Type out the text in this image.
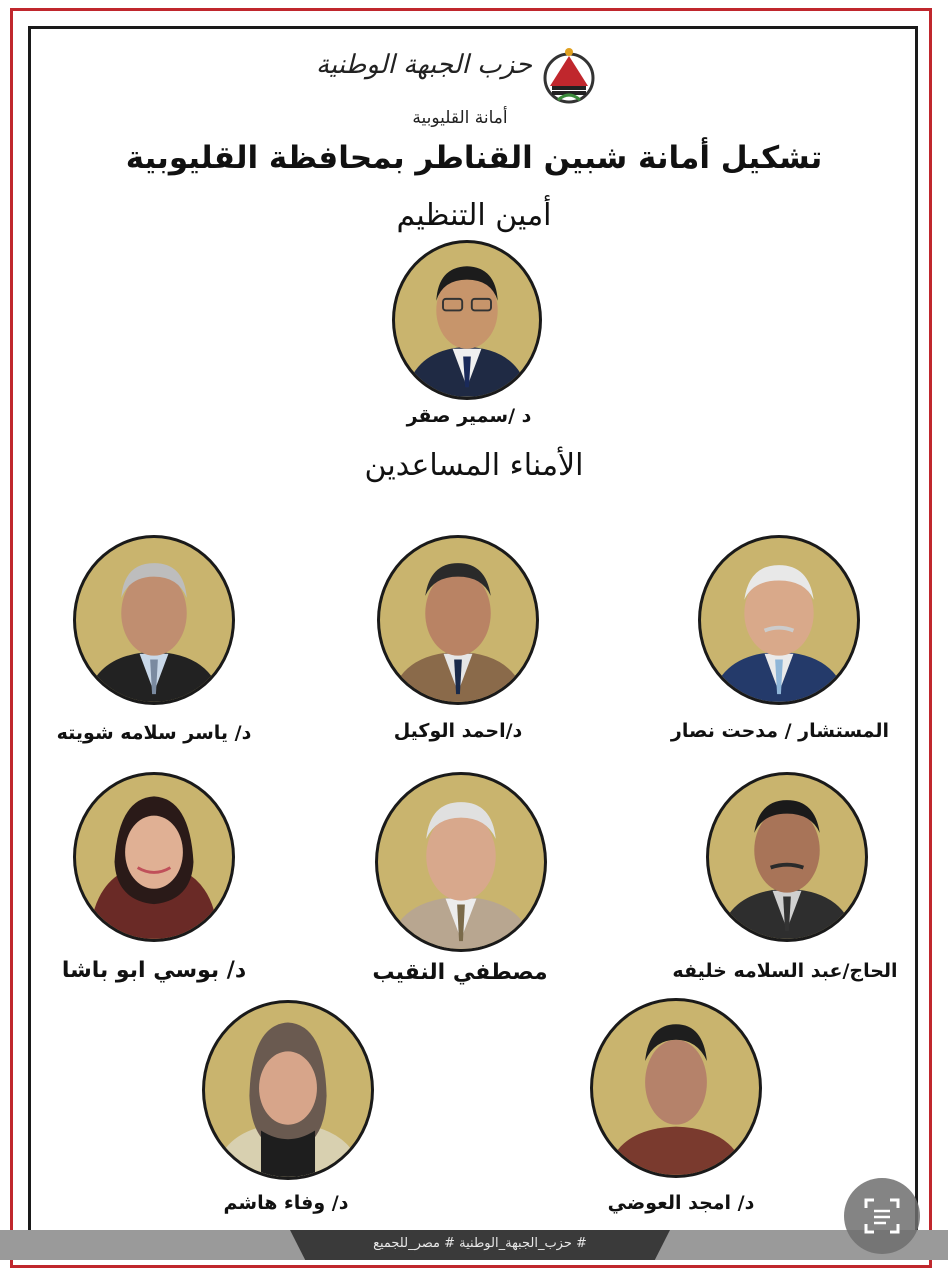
حزب الجبهة الوطنية
أمانة القليوبية
تشكيل أمانة شبين القناطر بمحافظة القليوبية
أمين التنظيم
د /سمير صقر
الأمناء المساعدين
المستشار / مدحت نصار
د/احمد الوكيل
د/ ياسر سلامه شويته
الحاج/عبد السلامه خليفه
مصطفي النقيب
د/ بوسي ابو باشا
د/ امجد العوضي
د/ وفاء هاشم
# حزب_الجبهة_الوطنية # مصر_للجميع
